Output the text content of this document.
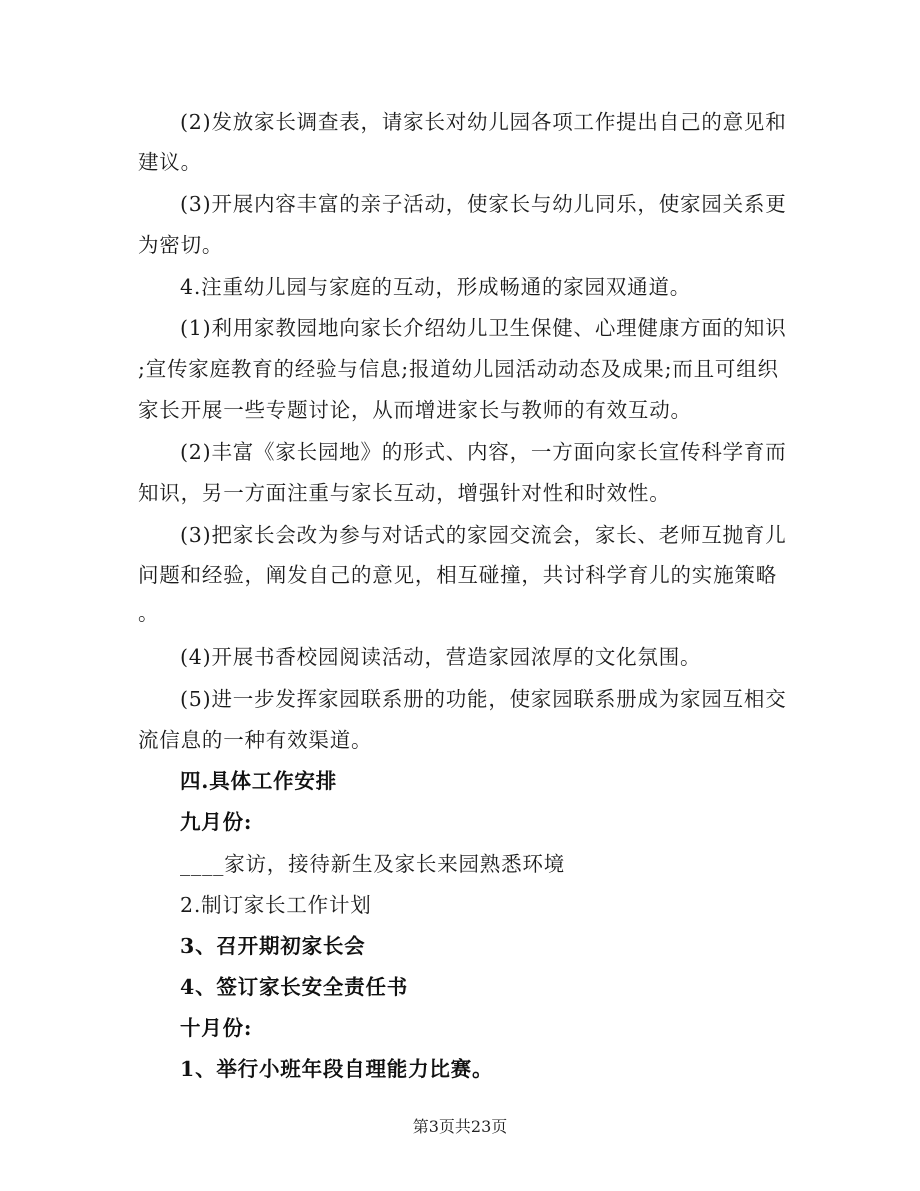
(2)发放家长调查表，请家长对幼儿园各项工作提出自己的意见和
建议。
(3)开展内容丰富的亲子活动，使家长与幼儿同乐，使家园关系更
为密切。
4.注重幼儿园与家庭的互动，形成畅通的家园双通道。
(1)利用家教园地向家长介绍幼儿卫生保健、心理健康方面的知识
;宣传家庭教育的经验与信息;报道幼儿园活动动态及成果;而且可组织
家长开展一些专题讨论，从而增进家长与教师的有效互动。
(2)丰富《家长园地》的形式、内容，一方面向家长宣传科学育而
知识，另一方面注重与家长互动，增强针对性和时效性。
(3)把家长会改为参与对话式的家园交流会，家长、老师互抛育儿
问题和经验，阐发自己的意见，相互碰撞，共讨科学育儿的实施策略
。
(4)开展书香校园阅读活动，营造家园浓厚的文化氛围。
(5)进一步发挥家园联系册的功能，使家园联系册成为家园互相交
流信息的一种有效渠道。
四.具体工作安排
九月份:
____家访，接待新生及家长来园熟悉环境
2.制订家长工作计划
3、召开期初家长会
4、签订家长安全责任书
十月份:
1、举行小班年段自理能力比赛。
第3页共23页
